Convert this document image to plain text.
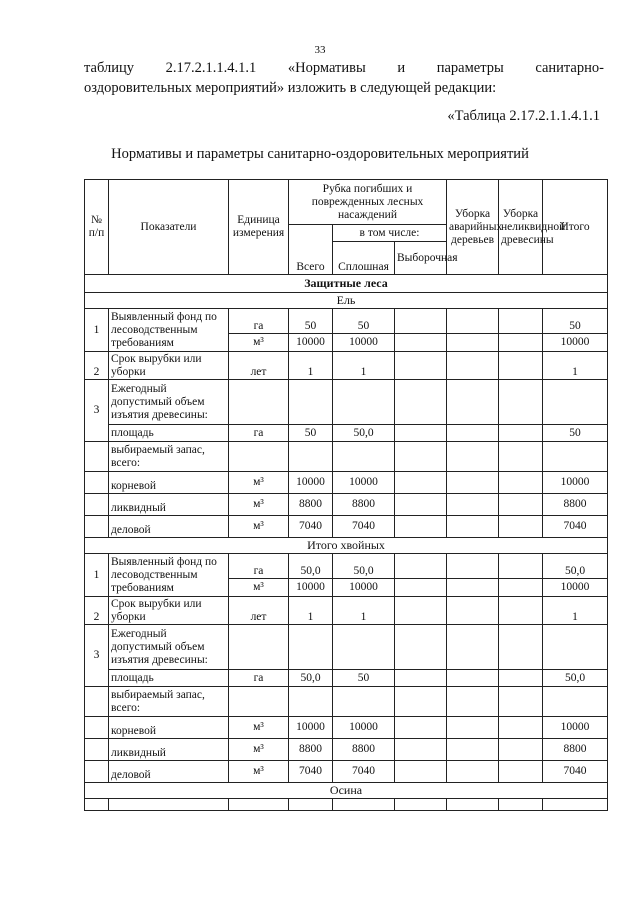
33
таблицу 2.17.2.1.1.4.1.1 «Нормативы и параметры санитарно-
оздоровительных мероприятий» изложить в следующей редакции:
«Таблица 2.17.2.1.1.4.1.1
Нормативы и параметры санитарно-оздоровительных мероприятий
№ п/п	Показатели	Единица измерения	Рубка погибших и поврежденных лесных насаждений			Уборка аварийных деревьев	Уборка неликвидной древесины	Итого
			Всего	в том числе:				
				Сплошная	Выборочная			
Защитные леса								
Ель								
1	Выявленный фонд по лесоводственным требованиям	га	50	50				50
		м³	10000	10000				10000
2	Срок вырубки или уборки	лет	1	1				1
3	Ежегодный допустимый объем изъятия древесины:							
	площадь	га	50	50,0				50
	выбираемый запас, всего:							
	корневой	м³	10000	10000				10000
	ликвидный	м³	8800	8800				8800
	деловой	м³	7040	7040				7040
Итого хвойных								
1	Выявленный фонд по лесоводственным требованиям	га	50,0	50,0				50,0
		м³	10000	10000				10000
2	Срок вырубки или уборки	лет	1	1				1
3	Ежегодный допустимый объем изъятия древесины:							
	площадь	га	50,0	50				50,0
	выбираемый запас, всего:							
	корневой	м³	10000	10000				10000
	ликвидный	м³	8800	8800				8800
	деловой	м³	7040	7040				7040
Осина								
